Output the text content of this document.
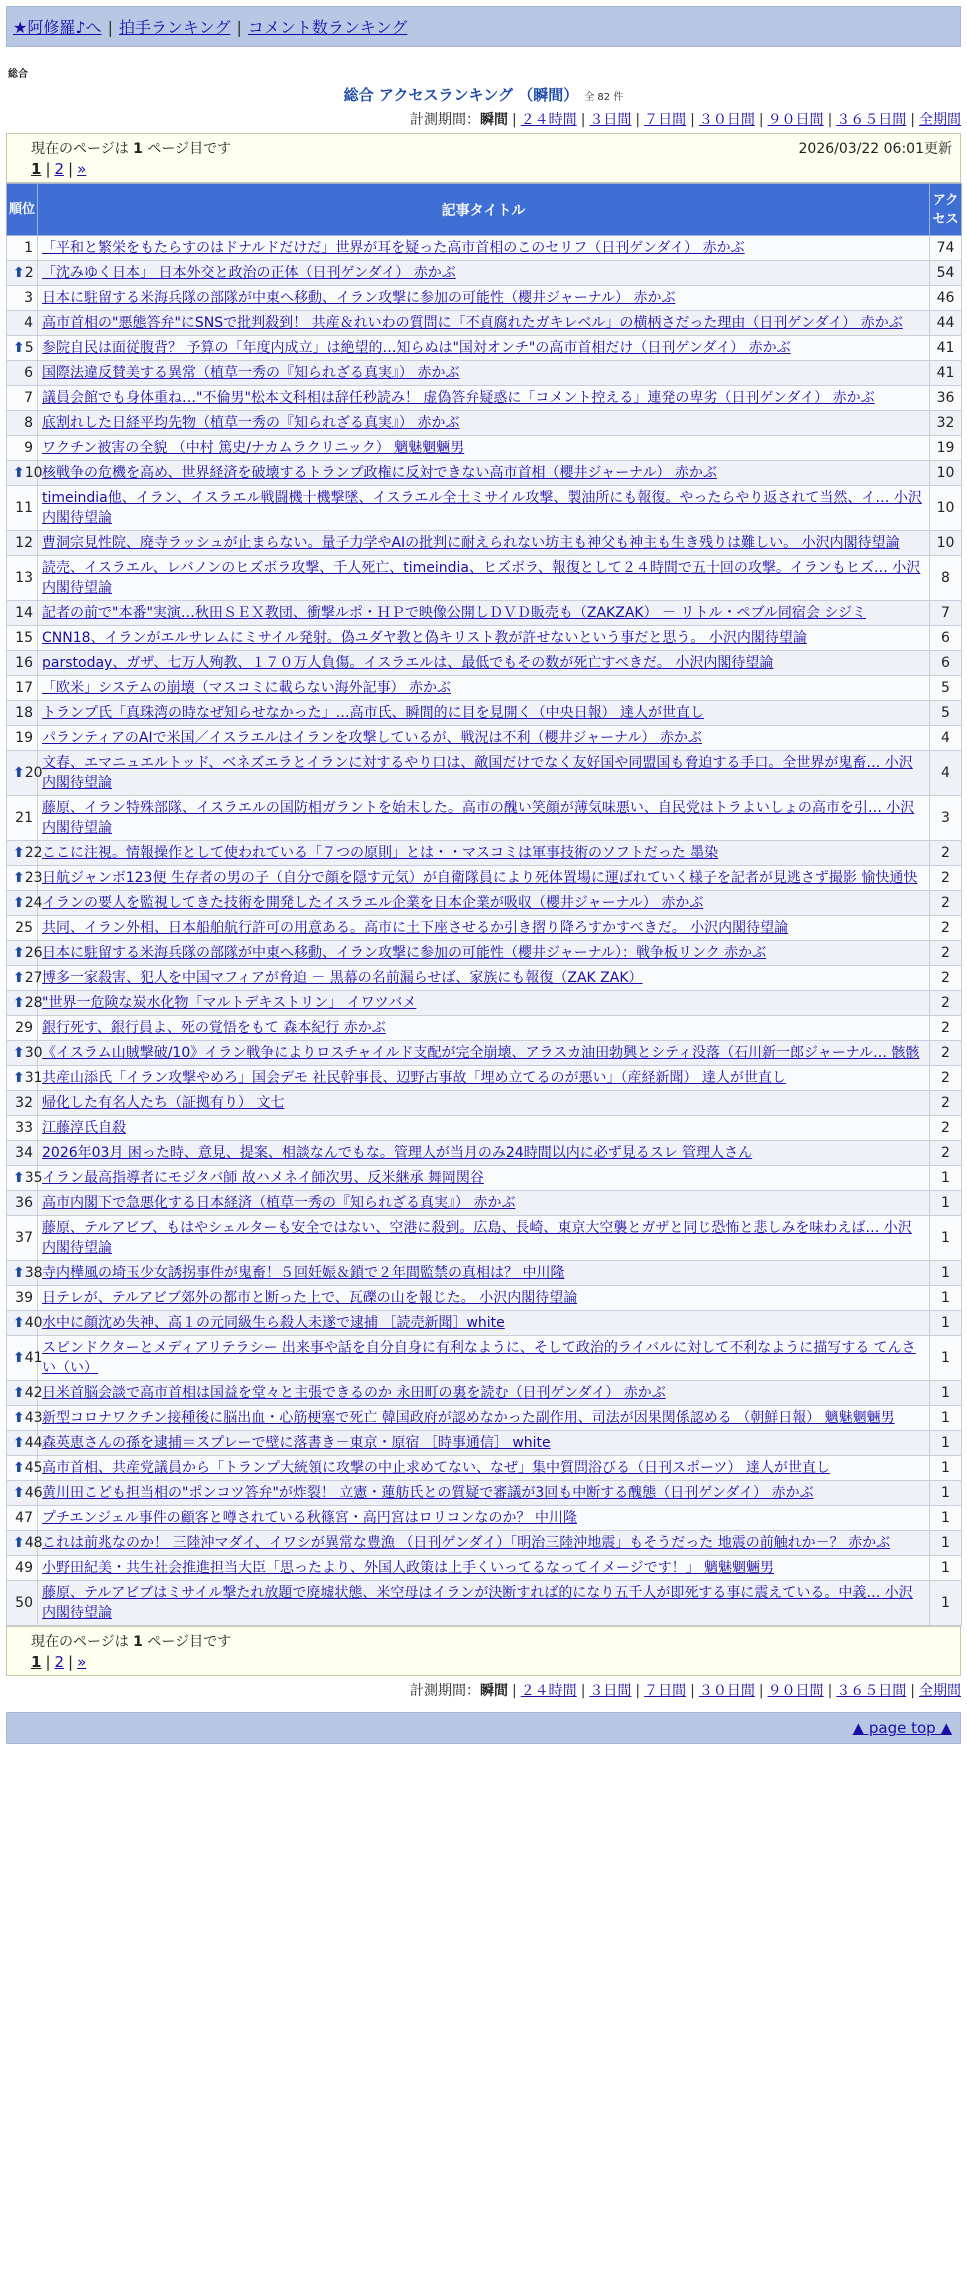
★阿修羅♪へ | 拍手ランキング | コメント数ランキング
総合
総合 アクセスランキング （瞬間） 全 82 件
計測期間：瞬間 | ２４時間 | ３日間 | ７日間 | ３０日間 | ９０日間 | ３６５日間 | 全期間
現在のページは 1 ページ目です	2026/03/22 06:01更新
1 | 2 | »
順位	記事タイトル	アクセス
1	「平和と繁栄をもたらすのはドナルドだけだ」世界が耳を疑った高市首相のこのセリフ（日刊ゲンダイ） 赤かぶ	74

⬆ 2	「沈みゆく日本」 日本外交と政治の正体（日刊ゲンダイ） 赤かぶ	54
3	日本に駐留する米海兵隊の部隊が中東へ移動、イラン攻撃に参加の可能性（櫻井ジャーナル） 赤かぶ	46
4	高市首相の"悪態答弁"にSNSで批判殺到！ 共産＆れいわの質問に「不貞腐れたガキレベル」の横柄さだった理由（日刊ゲンダイ） 赤かぶ	44

⬆ 5	参院自民は面従腹背？ 予算の「年度内成立」は絶望的…知らぬは"国対オンチ"の高市首相だけ（日刊ゲンダイ） 赤かぶ	41
6	国際法違反賛美する異常（植草一秀の『知られざる真実』） 赤かぶ	41
7	議員会館でも身体重ね…"不倫男"松本文科相は辞任秒読み！ 虚偽答弁疑惑に「コメント控える」連発の卑劣（日刊ゲンダイ） 赤かぶ	36
8	底割れした日経平均先物（植草一秀の『知られざる真実』） 赤かぶ	32
9	ワクチン被害の全貌 （中村 篤史/ナカムラクリニック） 魑魅魍魎男	19

⬆ 10	核戦争の危機を高め、世界経済を破壊するトランプ政権に反対できない高市首相（櫻井ジャーナル） 赤かぶ	10
11	timeindia他、イラン、イスラエル戦闘機十機撃墜、イスラエル全土ミサイル攻撃、製油所にも報復。やったらやり返されて当然、イ… 小沢内閣待望論	10
12	曹洞宗見性院、廃寺ラッシュが止まらない。量子力学やAIの批判に耐えられない坊主も神父も神主も生き残りは難しい。 小沢内閣待望論	10
13	読売、イスラエル、レバノンのヒズボラ攻撃、千人死亡、timeindia、ヒズボラ、報復として２４時間で五十回の攻撃。イランもヒズ… 小沢内閣待望論	8
14	記者の前で"本番"実演…秋田ＳＥＸ教団、衝撃ルポ・ＨＰで映像公開しＤＶＤ販売も（ZAKZAK） － リトル・ペブル同宿会 シジミ	7
15	CNN18、イランがエルサレムにミサイル発射。偽ユダヤ教と偽キリスト教が許せないという事だと思う。 小沢内閣待望論	6
16	parstoday、ガザ、七万人殉教、１７０万人負傷。イスラエルは、最低でもその数が死亡すべきだ。 小沢内閣待望論	6
17	「欧米」システムの崩壊（マスコミに載らない海外記事） 赤かぶ	5
18	トランプ氏「真珠湾の時なぜ知らせなかった」…高市氏、瞬間的に目を見開く（中央日報） 達人が世直し	5
19	パランティアのAIで米国／イスラエルはイランを攻撃しているが、戦況は不利（櫻井ジャーナル） 赤かぶ	4

⬆ 20	文春、エマニュエルトッド、ベネズエラとイランに対するやり口は、敵国だけでなく友好国や同盟国も脅迫する手口。全世界が鬼畜… 小沢内閣待望論	4
21	藤原、イラン特殊部隊、イスラエルの国防相ガラントを始末した。高市の醜い笑顔が薄気味悪い、自民党はトラよいしょの高市を引… 小沢内閣待望論	3

⬆ 22	ここに注視。情報操作として使われている「７つの原則」とは・・マスコミは軍事技術のソフトだった 墨染	2

⬆ 23	日航ジャンボ123便 生存者の男の子（自分で顔を隠す元気）が自衛隊員により死体置場に運ばれていく様子を記者が見逃さず撮影 愉快通快	2

⬆ 24	イランの要人を監視してきた技術を開発したイスラエル企業を日本企業が吸収（櫻井ジャーナル） 赤かぶ	2
25	共同、イラン外相、日本船舶航行許可の用意ある。高市に土下座させるか引き摺り降ろすかすべきだ。 小沢内閣待望論	2

⬆ 26	日本に駐留する米海兵隊の部隊が中東へ移動、イラン攻撃に参加の可能性（櫻井ジャーナル）：戦争板リンク 赤かぶ	2

⬆ 27	博多一家殺害、犯人を中国マフィアが脅迫 － 黒幕の名前漏らせば、家族にも報復（ZAK ZAK）	2

⬆ 28	"世界一危険な炭水化物「マルトデキストリン」 イワツバメ	2
29	銀行死す、銀行員よ、死の覚悟をもて 森本紀行 赤かぶ	2

⬆ 30	《イスラム山賊撃破/10》イラン戦争によりロスチャイルド支配が完全崩壊、アラスカ油田勃興とシティ没落（石川新一郎ジャーナル… 骸骸	2

⬆ 31	共産山添氏「イラン攻撃やめろ」国会デモ 社民幹事長、辺野古事故「埋め立てるのが悪い」（産経新聞） 達人が世直し	2
32	帰化した有名人たち（証拠有り） 文七	2
33	江藤淳氏自殺	2
34	2026年03月 困った時、意見、提案、相談なんでもな。管理人が当月のみ24時間以内に必ず見るスレ 管理人さん	2

⬆ 35	イラン最高指導者にモジタバ師 故ハメネイ師次男、反米継承 舞岡関谷	1
36	高市内閣下で急悪化する日本経済（植草一秀の『知られざる真実』） 赤かぶ	1
37	藤原、テルアビブ、もはやシェルターも安全ではない、空港に殺到。広島、長崎、東京大空襲とガザと同じ恐怖と悲しみを味わえば… 小沢内閣待望論	1

⬆ 38	寺内樺風の埼玉少女誘拐事件が鬼畜！５回妊娠＆鎖で２年間監禁の真相は？ 中川隆	1
39	日テレが、テルアビブ郊外の都市と断った上で、瓦礫の山を報じた。 小沢内閣待望論	1

⬆ 40	水中に顔沈め失神、高１の元同級生ら殺人未遂で逮捕 ［読売新聞］white	1

⬆ 41	スピンドクターとメディアリテラシー 出来事や話を自分自身に有利なように、そして政治的ライバルに対して不利なように描写する てんさい（い）	1

⬆ 42	日米首脳会談で高市首相は国益を堂々と主張できるのか 永田町の裏を読む（日刊ゲンダイ） 赤かぶ	1

⬆ 43	新型コロナワクチン接種後に脳出血・心筋梗塞で死亡 韓国政府が認めなかった副作用、司法が因果関係認める （朝鮮日報） 魑魅魍魎男	1

⬆ 44	森英恵さんの孫を逮捕＝スプレーで壁に落書き－東京・原宿 ［時事通信］ white	1

⬆ 45	高市首相、共産党議員から「トランプ大統領に攻撃の中止求めてない、なぜ」集中質問浴びる（日刊スポーツ） 達人が世直し	1

⬆ 46	黄川田こども担当相の"ポンコツ答弁"が炸裂！ 立憲・蓮舫氏との質疑で審議が3回も中断する醜態（日刊ゲンダイ） 赤かぶ	1
47	プチエンジェル事件の顧客と噂されている秋篠宮・高円宮はロリコンなのか？ 中川隆	1

⬆ 48	これは前兆なのか！ 三陸沖マダイ、イワシが異常な豊漁 （日刊ゲンダイ）「明治三陸沖地震」もそうだった 地震の前触れか－？ 赤かぶ	1
49	小野田紀美・共生社会推進担当大臣「思ったより、外国人政策は上手くいってるなってイメージです！」 魑魅魍魎男	1
50	藤原、テルアビブはミサイル撃たれ放題で廃墟状態、米空母はイランが決断すれば的になり五千人が即死する事に震えている。中義… 小沢内閣待望論	1
現在のページは 1 ページ目です
1 | 2 | »
計測期間：瞬間 | ２４時間 | ３日間 | ７日間 | ３０日間 | ９０日間 | ３６５日間 | 全期間
▲ page top ▲
